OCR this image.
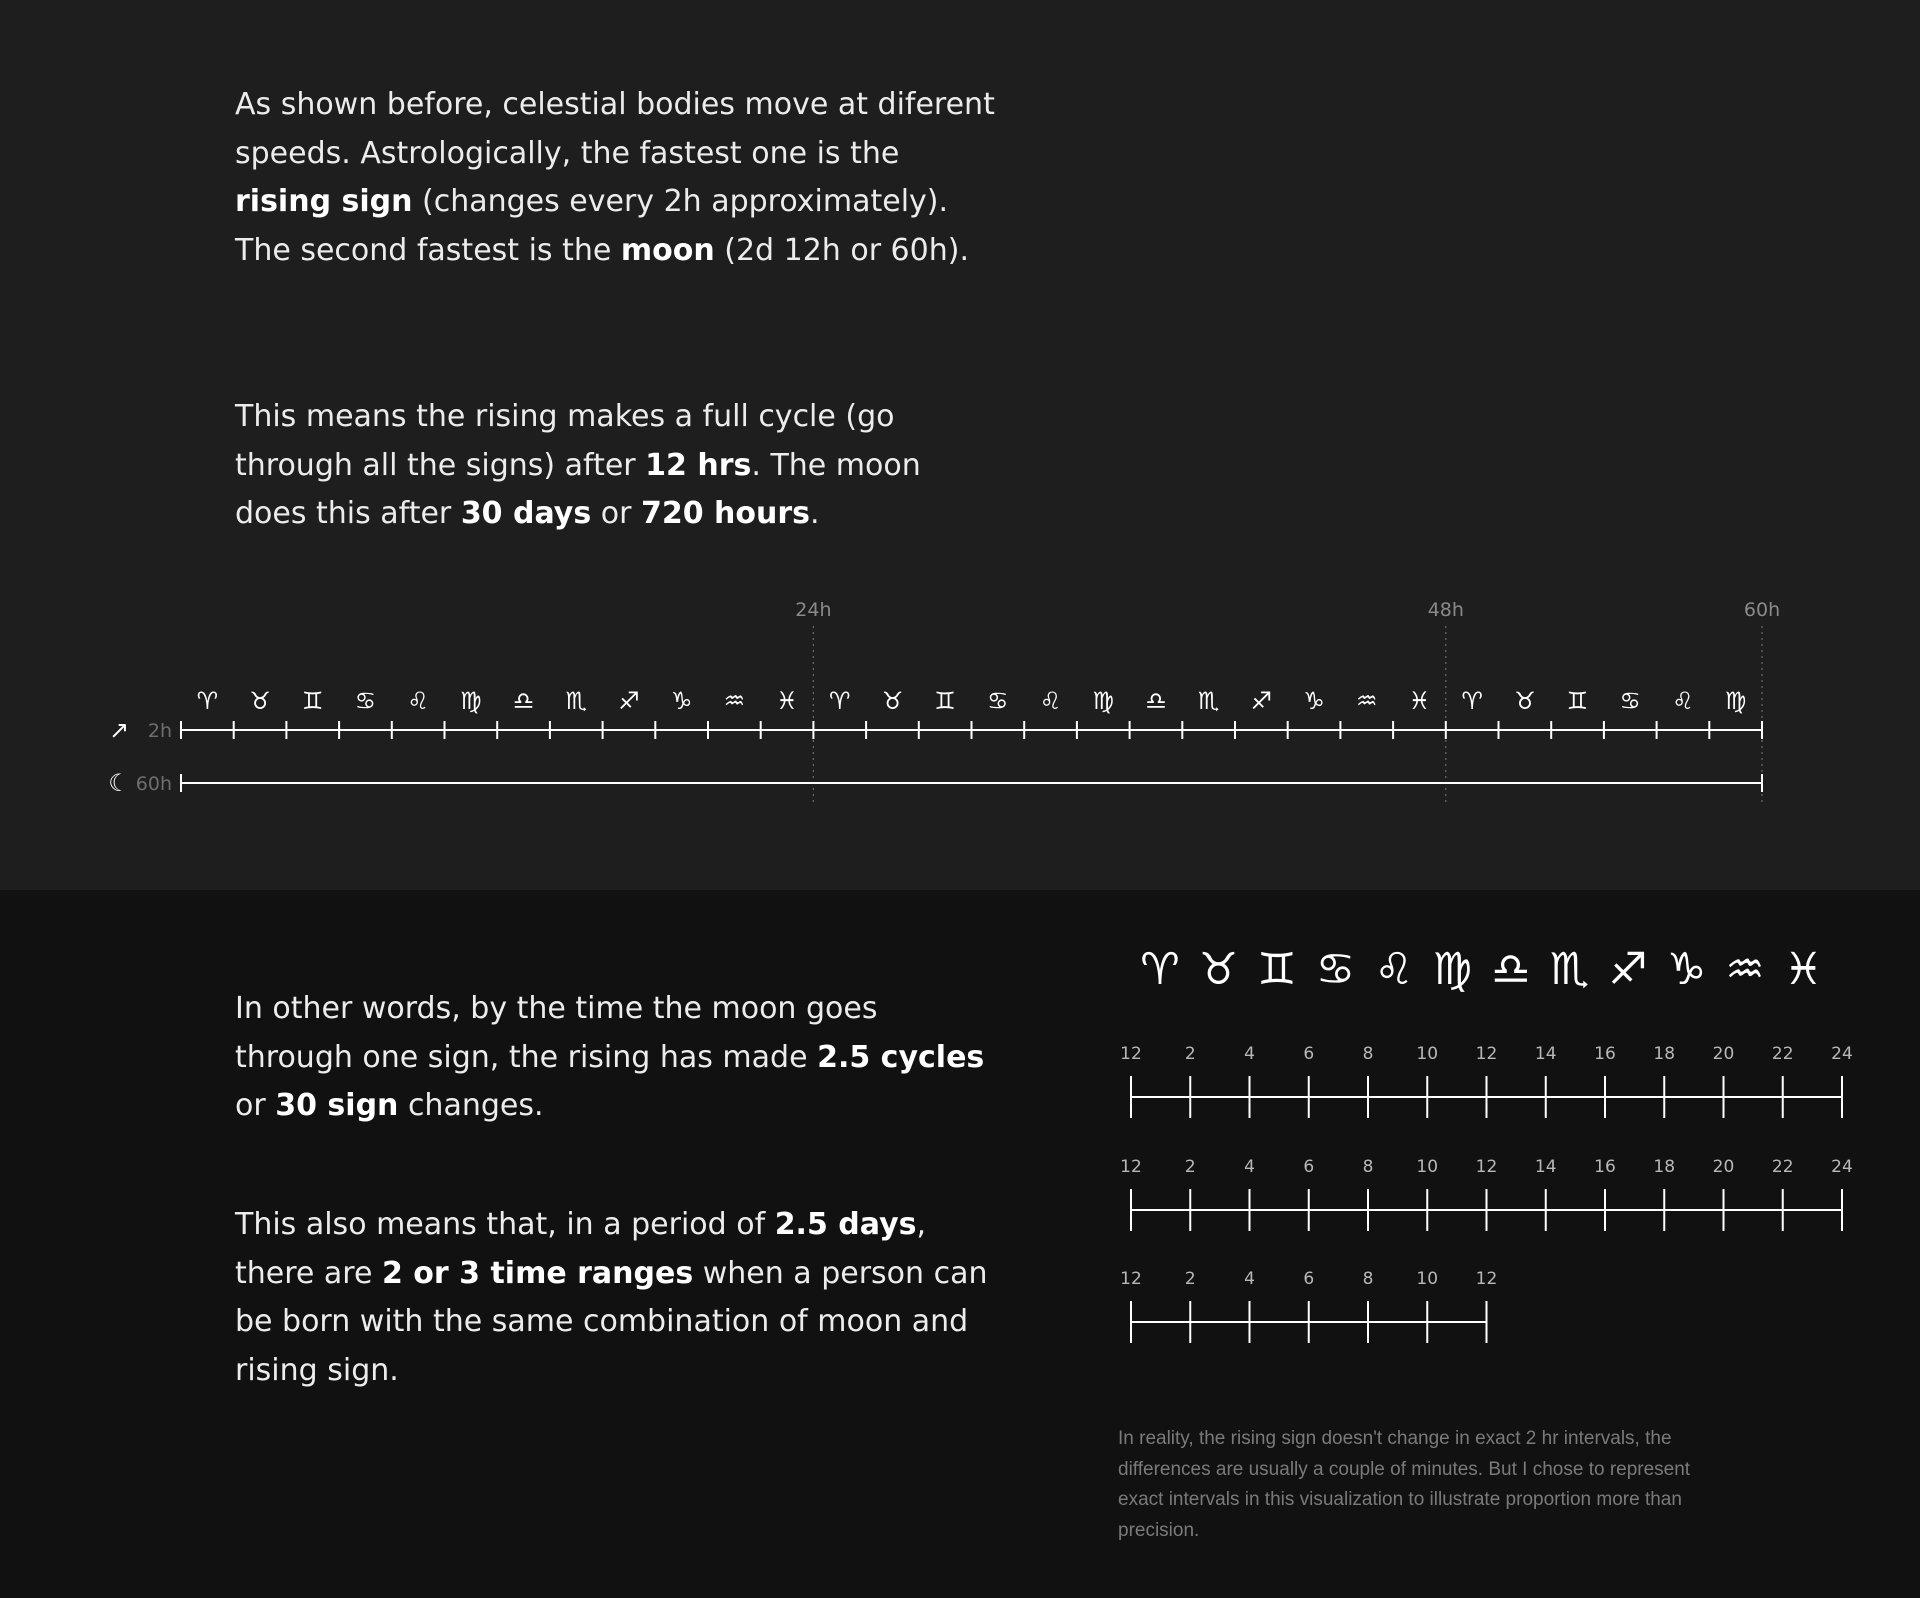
As shown before, celestial bodies move at diferent speeds. Astrologically, the fastest one is the rising sign (changes every 2h approximately). The second fastest is the moon (2d 12h or 60h).

This means the rising makes a full cycle (go through all the signs) after 12 hrs. The moon does this after 30 days or 720 hours.

In other words, by the time the moon goes through one sign, the rising has made 2.5 cycles or 30 sign changes.

This also means that, in a period of 2.5 days, there are 2 or 3 time ranges when a person can be born with the same combination of moon and rising sign.

In reality, the rising sign doesn't change in exact 2 hr intervals, the differences are usually a couple of minutes. But I chose to represent exact intervals in this visualization to illustrate proportion more than precision.
24h	48h	60h
♈ ♉ ♊ ♋ ♌ ♍ ♎ ♏ ♐ ♑ ♒ ♓ ♈ ♉ ♊ ♋ ♌ ♍ ♎ ♏ ♐ ♑ ♒ ♓ ♈ ♉ ♊ ♋ ♌ ♍
↗ 2h
☾ 60h
♈ ♉ ♊ ♋ ♌ ♍ ♎ ♏ ♐ ♑ ♒ ♓
12	2	4	6	8	10 12 14 16 18 20 22 24
12	2	4	6	8	10 12 14 16 18 20 22 24
12	2	4	6	8	10 12
